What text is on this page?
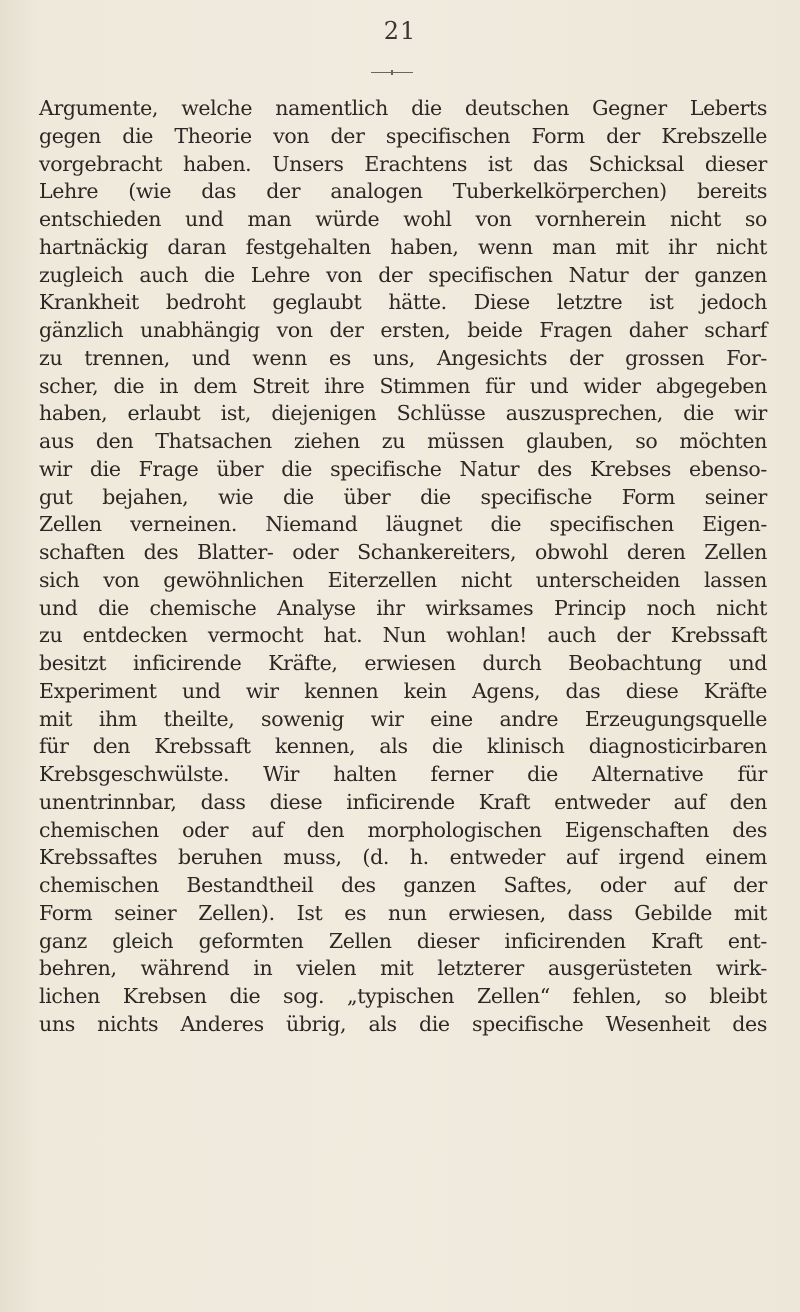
21
Argumente, welche namentlich die deutschen Gegner Leberts
gegen die Theorie von der specifischen Form der Krebszelle
vorgebracht haben. Unsers Erachtens ist das Schicksal dieser
Lehre (wie das der analogen Tuberkelkörperchen) bereits
entschieden und man würde wohl von vornherein nicht so
hartnäckig daran festgehalten haben, wenn man mit ihr nicht
zugleich auch die Lehre von der specifischen Natur der ganzen
Krankheit bedroht geglaubt hätte. Diese letztre ist jedoch
gänzlich unabhängig von der ersten, beide Fragen daher scharf
zu trennen, und wenn es uns, Angesichts der grossen For-
scher, die in dem Streit ihre Stimmen für und wider abgegeben
haben, erlaubt ist, diejenigen Schlüsse auszusprechen, die wir
aus den Thatsachen ziehen zu müssen glauben, so möchten
wir die Frage über die specifische Natur des Krebses ebenso-
gut bejahen, wie die über die specifische Form seiner
Zellen verneinen. Niemand läugnet die specifischen Eigen-
schaften des Blatter- oder Schankereiters, obwohl deren Zellen
sich von gewöhnlichen Eiterzellen nicht unterscheiden lassen
und die chemische Analyse ihr wirksames Princip noch nicht
zu entdecken vermocht hat. Nun wohlan! auch der Krebssaft
besitzt inficirende Kräfte, erwiesen durch Beobachtung und
Experiment und wir kennen kein Agens, das diese Kräfte
mit ihm theilte, sowenig wir eine andre Erzeugungsquelle
für den Krebssaft kennen, als die klinisch diagnosticirbaren
Krebsgeschwülste. Wir halten ferner die Alternative für
unentrinnbar, dass diese inficirende Kraft entweder auf den
chemischen oder auf den morphologischen Eigenschaften des
Krebssaftes beruhen muss, (d. h. entweder auf irgend einem
chemischen Bestandtheil des ganzen Saftes, oder auf der
Form seiner Zellen). Ist es nun erwiesen, dass Gebilde mit
ganz gleich geformten Zellen dieser inficirenden Kraft ent-
behren, während in vielen mit letzterer ausgerüsteten wirk-
lichen Krebsen die sog. „typischen Zellen“ fehlen, so bleibt
uns nichts Anderes übrig, als die specifische Wesenheit des
